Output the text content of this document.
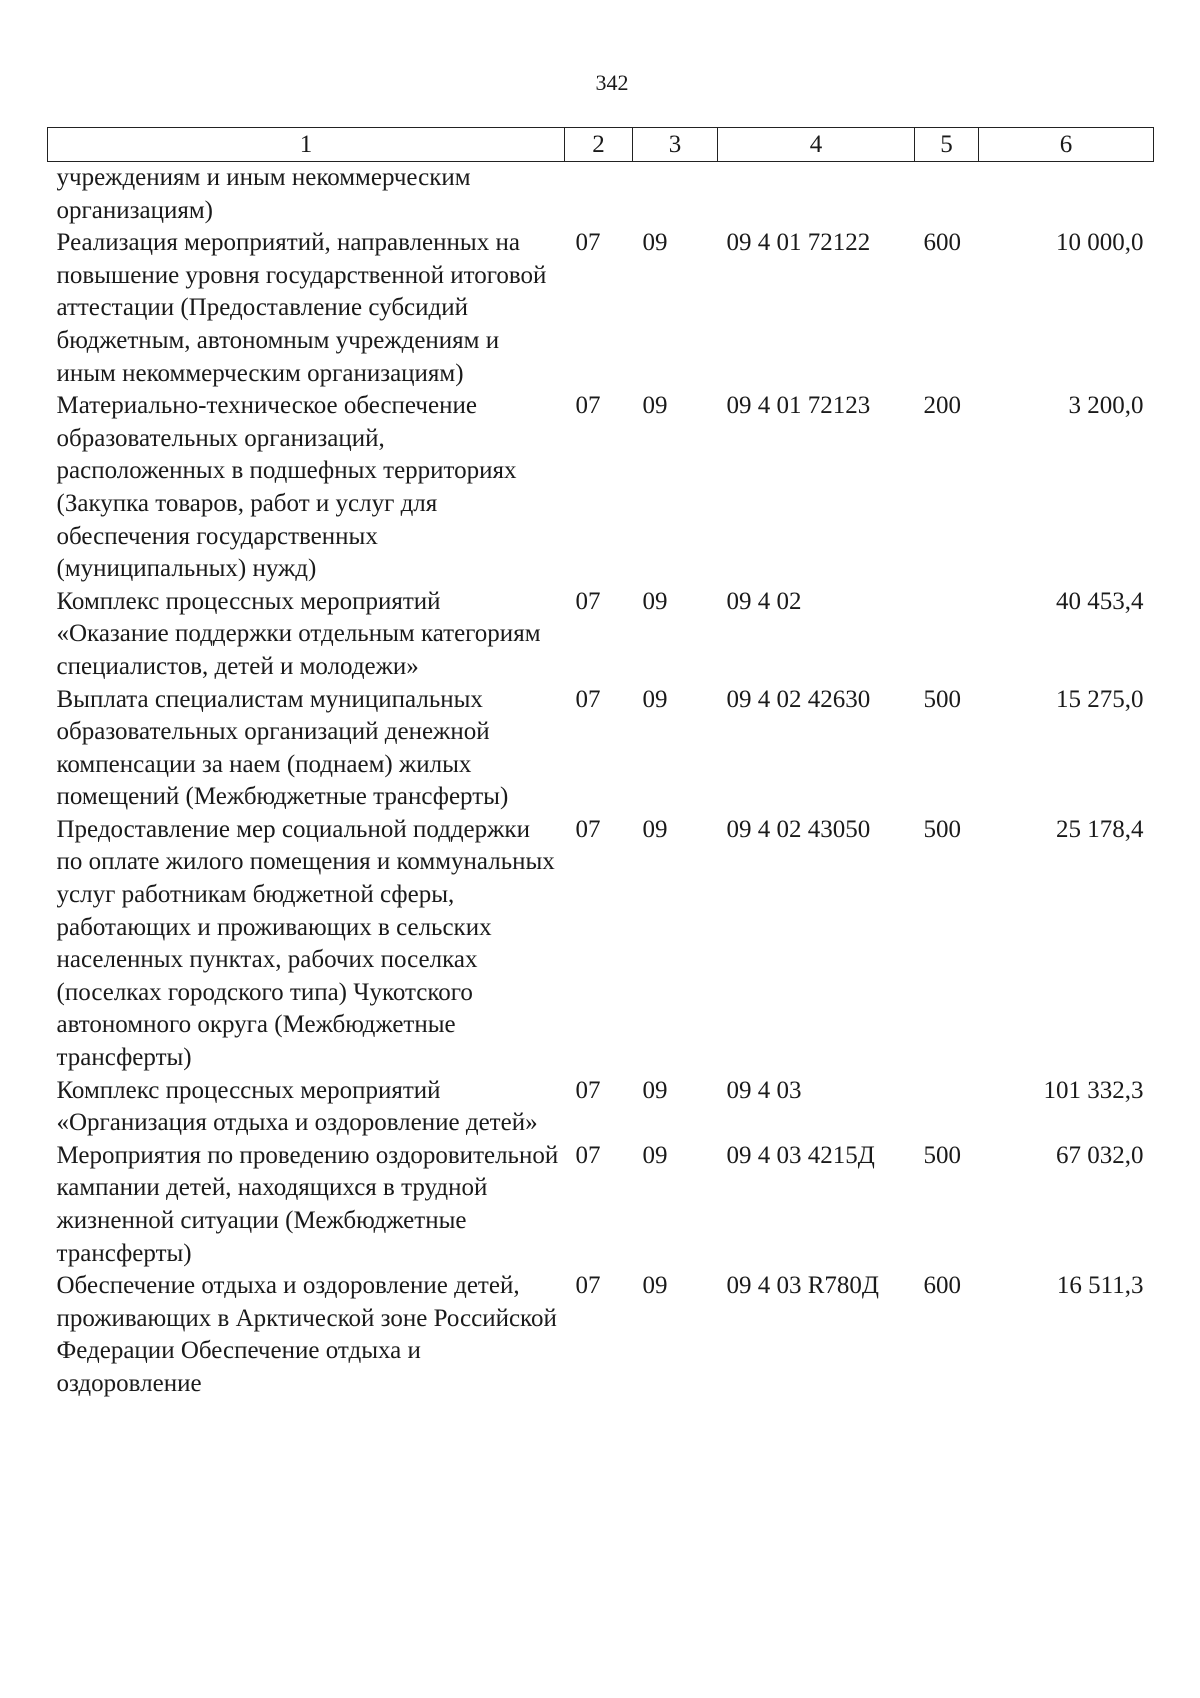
342
1	2	3	4	5	6
учреждениям и иным некоммерческим организациям)					
Реализация мероприятий, направленных на повышение уровня государственной итоговой аттестации (Предоставление субсидий бюджетным, автономным учреждениям и иным некоммерческим организациям)	07	09	09 4 01 72122	600	10 000,0
Материально-техническое обеспечение образовательных организаций, расположенных в подшефных территориях (Закупка товаров, работ и услуг для обеспечения государственных (муниципальных) нужд)	07	09	09 4 01 72123	200	3 200,0
Комплекс процессных мероприятий «Оказание поддержки отдельным категориям специалистов, детей и молодежи»	07	09	09 4 02		40 453,4
Выплата специалистам муниципальных образовательных организаций денежной компенсации за наем (поднаем) жилых помещений (Межбюджетные трансферты)	07	09	09 4 02 42630	500	15 275,0
Предоставление мер социальной поддержки по оплате жилого помещения и коммунальных услуг работникам бюджетной сферы, работающих и проживающих в сельских населенных пунктах, рабочих поселках (поселках городского типа) Чукотского автономного округа (Межбюджетные трансферты)	07	09	09 4 02 43050	500	25 178,4
Комплекс процессных мероприятий «Организация отдыха и оздоровление детей»	07	09	09 4 03		101 332,3
Мероприятия по проведению оздоровительной кампании детей, находящихся в трудной жизненной ситуации (Межбюджетные трансферты)	07	09	09 4 03 4215Д	500	67 032,0
Обеспечение отдыха и оздоровление детей, проживающих в Арктической зоне Российской Федерации Обеспечение отдыха и оздоровление	07	09	09 4 03 R780Д	600	16 511,3
